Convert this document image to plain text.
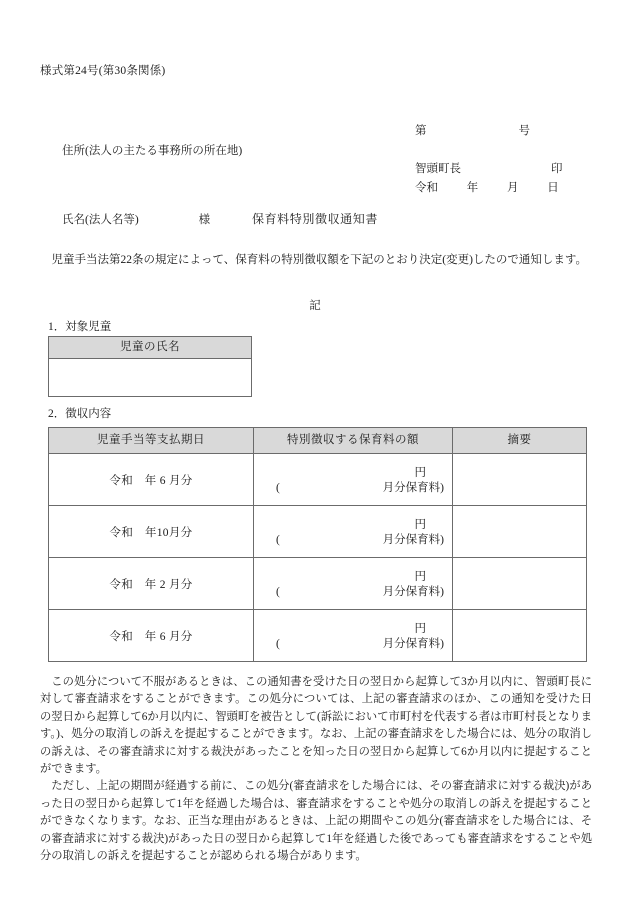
様式第24号(第30条関係)

住所(法人の主たる事務所の所在地)

氏名(法人名等)	様

第                                号

令和          年          月          日

智頭町長	印
保育料特別徴収通知書
児童手当法第22条の規定によって、保育料の特別徴収額を下記のとおり決定(変更)したので通知します。
記
1．対象児童
児童の氏名

2．徴収内容
児童手当等支払期日	特別徴収する保育料の額	摘要
令和　年 6 月分	円
( 月分保育料)	

令和　年10月分	円
( 月分保育料)	

令和　年 2 月分	円
( 月分保育料)	

令和　年 6 月分	円
( 月分保育料)	

この処分について不服があるときは、この通知書を受けた日の翌日から起算して3か月以内に、智頭町長に対して審査請求をすることができます。この処分については、上記の審査請求のほか、この通知を受けた日の翌日から起算して6か月以内に、智頭町を被告として(訴訟において市町村を代表する者は市町村長となります。)、処分の取消しの訴えを提起することができます。なお、上記の審査請求をした場合には、処分の取消しの訴えは、その審査請求に対する裁決があったことを知った日の翌日から起算して6か月以内に提起することができます。

ただし、上記の期間が経過する前に、この処分(審査請求をした場合には、その審査請求に対する裁決)があった日の翌日から起算して1年を経過した場合は、審査請求をすることや処分の取消しの訴えを提起することができなくなります。なお、正当な理由があるときは、上記の期間やこの処分(審査請求をした場合には、その審査請求に対する裁決)があった日の翌日から起算して1年を経過した後であっても審査請求をすることや処分の取消しの訴えを提起することが認められる場合があります。
